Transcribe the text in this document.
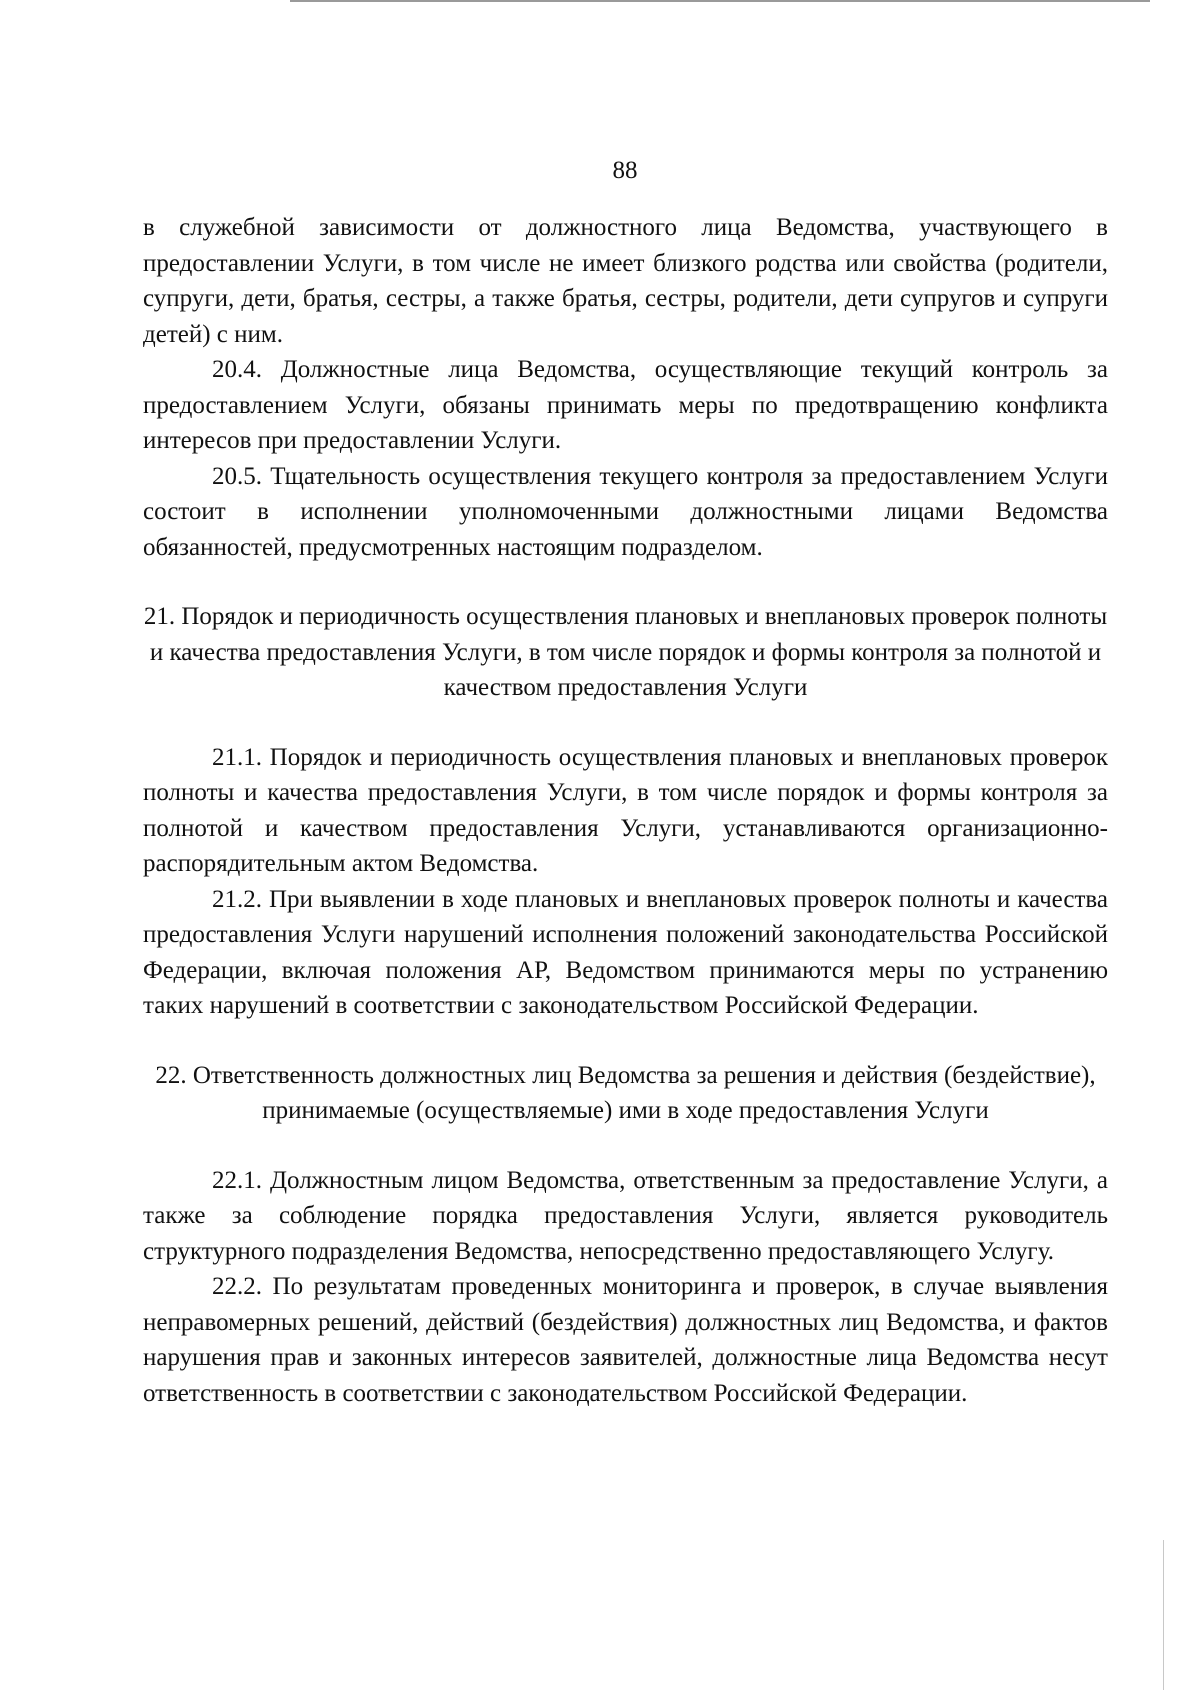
88

в служебной зависимости от должностного лица Ведомства, участвующего в предоставлении Услуги, в том числе не имеет близкого родства или свойства (родители, супруги, дети, братья, сестры, а также братья, сестры, родители, дети супругов и супруги детей) с ним.

20.4. Должностные лица Ведомства, осуществляющие текущий контроль за предоставлением Услуги, обязаны принимать меры по предотвращению конфликта интересов при предоставлении Услуги.

20.5. Тщательность осуществления текущего контроля за предоставлением Услуги состоит в исполнении уполномоченными должностными лицами Ведомства обязанностей, предусмотренных настоящим подразделом.

21. Порядок и периодичность осуществления плановых и внеплановых проверок полноты и качества предоставления Услуги, в том числе порядок и формы контроля за полнотой и качеством предоставления Услуги

21.1. Порядок и периодичность осуществления плановых и внеплановых проверок полноты и качества предоставления Услуги, в том числе порядок и формы контроля за полнотой и качеством предоставления Услуги, устанавливаются организационно-распорядительным актом Ведомства.

21.2. При выявлении в ходе плановых и внеплановых проверок полноты и качества предоставления Услуги нарушений исполнения положений законодательства Российской Федерации, включая положения АР, Ведомством принимаются меры по устранению таких нарушений в соответствии с законодательством Российской Федерации.

22. Ответственность должностных лиц Ведомства за решения и действия (бездействие), принимаемые (осуществляемые) ими в ходе предоставления Услуги

22.1. Должностным лицом Ведомства, ответственным за предоставление Услуги, а также за соблюдение порядка предоставления Услуги, является руководитель структурного подразделения Ведомства, непосредственно предоставляющего Услугу.

22.2. По результатам проведенных мониторинга и проверок, в случае выявления неправомерных решений, действий (бездействия) должностных лиц Ведомства, и фактов нарушения прав и законных интересов заявителей, должностные лица Ведомства несут ответственность в соответствии с законодательством Российской Федерации.
